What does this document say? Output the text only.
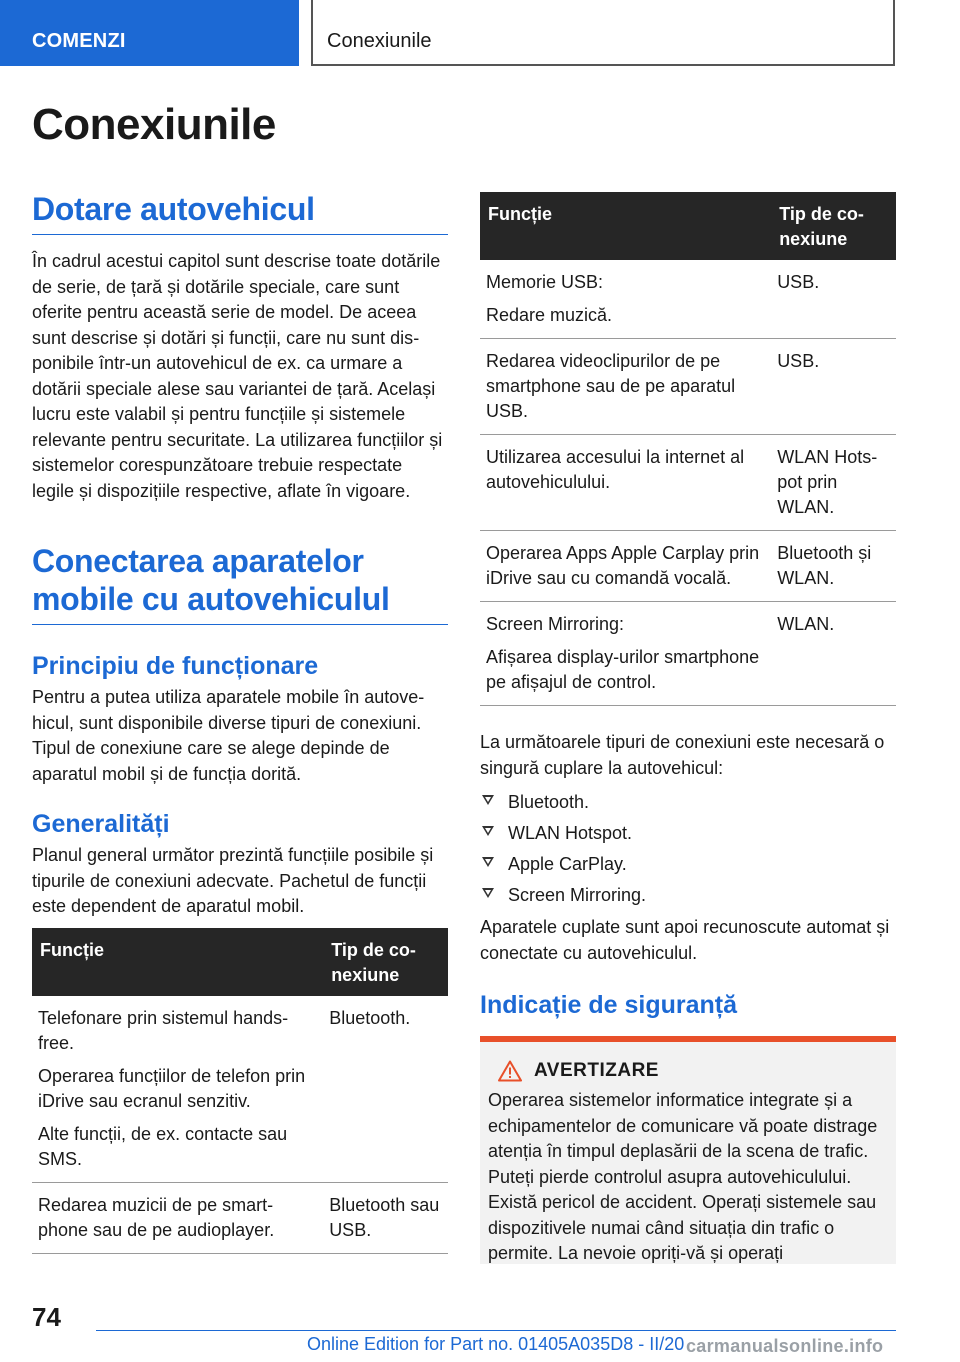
COMENZI	Conexiunile
Conexiunile
Dotare autovehicul

În cadrul acestui capitol sunt descrise toate dotările de serie, de țară și dotările speciale, care sunt oferite pentru această serie de model. De aceea sunt descrise și dotări și funcții, care nu sunt disponibile într-un autovehicul de ex. ca urmare a dotării speciale alese sau variantei de țară. Același lucru este valabil și pentru funcțiile și sistemele relevante pentru securitate. La utilizarea funcțiilor și sistemelor corespunzătoare trebuie respectate legile și dispozițiile respective, aflate în vigoare.

Conectarea aparatelor mobile cu autovehiculul
Principiu de funcționare

Pentru a putea utiliza aparatele mobile în autovehicul, sunt disponibile diverse tipuri de conexiuni. Tipul de conexiune care se alege depinde de aparatul mobil și de funcția dorită.

Generalități

Planul general următor prezintă funcțiile posibile și tipurile de conexiuni adecvate. Pachetul de funcții este dependent de aparatul mobil.

Funcție	Tip de conexiune

Telefonare prin sistemul handsfree.

Operarea funcțiilor de telefon prin iDrive sau ecranul senzitiv.

Alte funcții, de ex. contacte sau SMS.	Bluetooth.

Redarea muzicii de pe smartphone sau de pe audioplayer.	Bluetooth sau USB.
Funcție	Tip de conexiune

Memorie USB:

Redare muzică.	USB.

Redarea videoclipurilor de pe smartphone sau de pe aparatul USB.	USB.

Utilizarea accesului la internet al autovehiculului.	WLAN Hotspot prin WLAN.

Operarea Apps Apple Carplay prin iDrive sau cu comandă vocală.	Bluetooth și WLAN.

Screen Mirroring:

Afișarea display-urilor smartphone pe afișajul de control.	WLAN.

La următoarele tipuri de conexiuni este necesară o singură cuplare la autovehicul:

Bluetooth.
WLAN Hotspot.
Apple CarPlay.
Screen Mirroring.

Aparatele cuplate sunt apoi recunoscute automat și conectate cu autovehiculul.

Indicație de siguranță
AVERTIZARE

Operarea sistemelor informatice integrate și a echipamentelor de comunicare vă poate distrage atenția în timpul deplasării de la scena de trafic. Puteți pierde controlul asupra autovehiculului. Există pericol de accident. Operați sistemele sau dispozitivele numai când situația din trafic o permite. La nevoie opriți-vă și operați

74
Online Edition for Part no. 01405A035D8 - II/20 carmanualsonline.info
